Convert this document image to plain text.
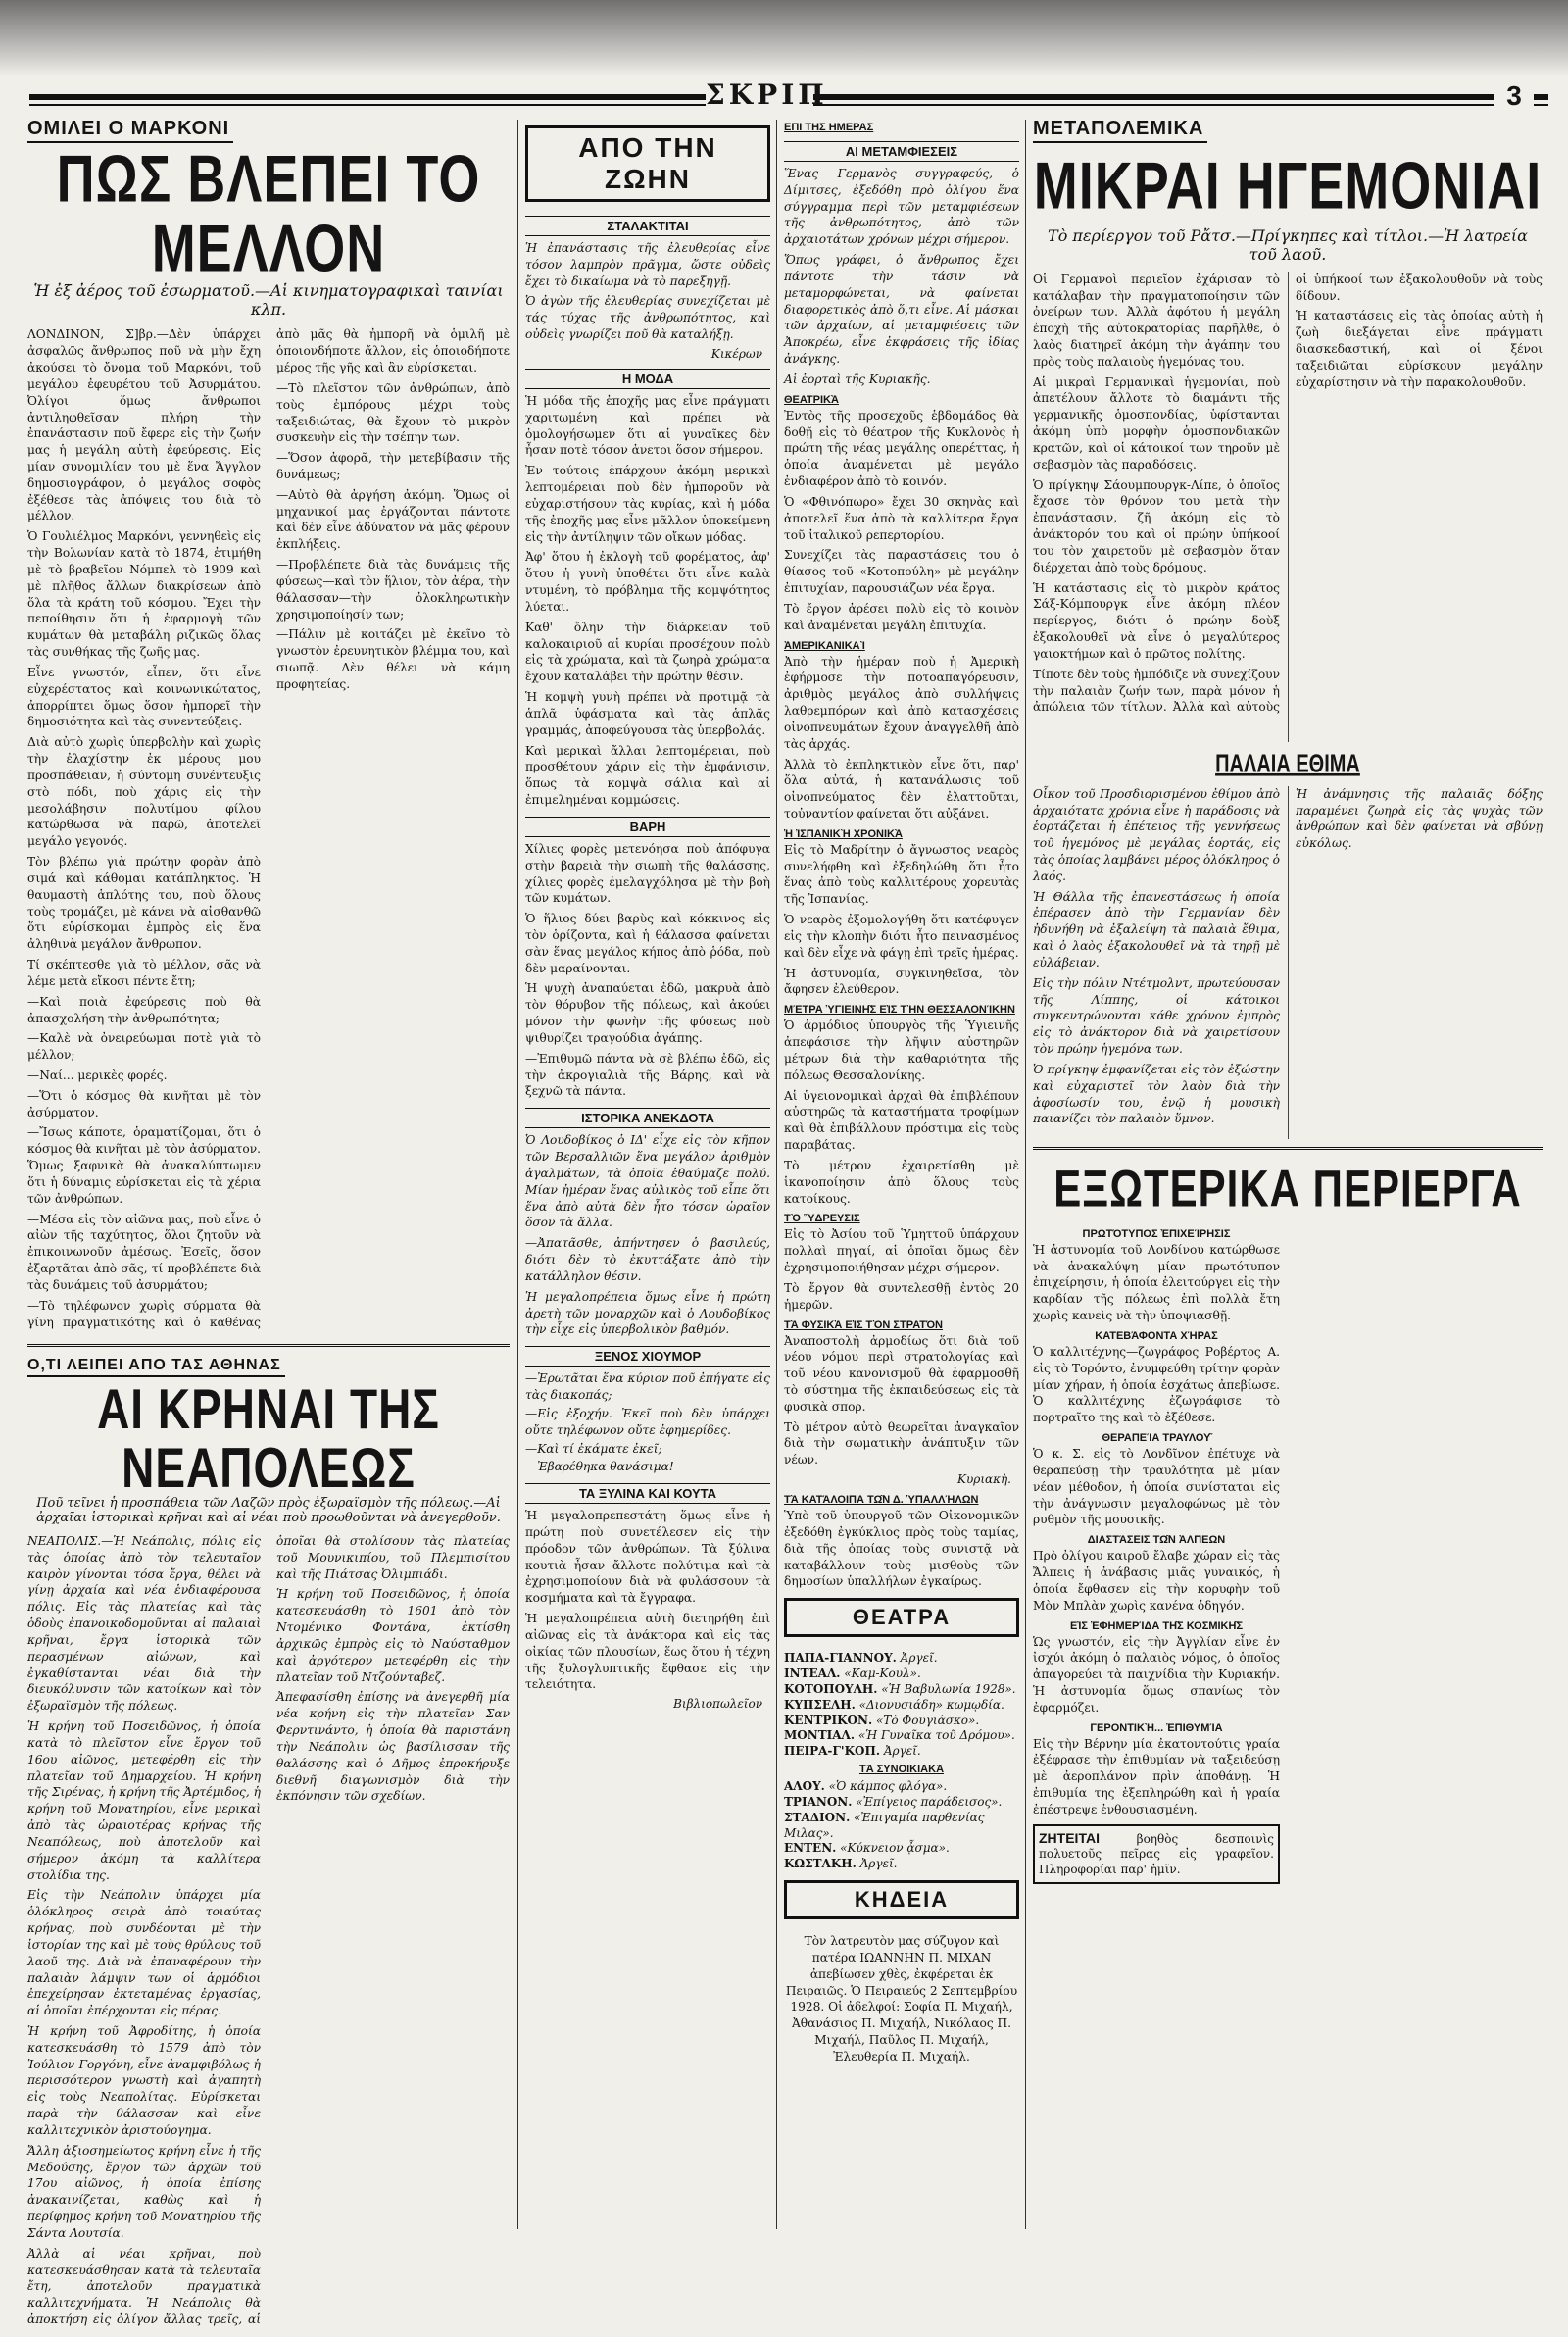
ΣΚΡΙΠ	3
ΟΜΙΛΕΙ Ο ΜΑΡΚΟΝΙ
ΠΩΣ ΒΛΕΠΕΙ ΤΟ ΜΕΛΛΟΝ
Ἡ ἐξ ἀέρος τοῦ ἐσωρματοῦ.—Αἱ κινηματογραφικαὶ ταινίαι κλπ.

ΛΟΝΔΙΝΟΝ, Σ]βρ.—Δὲν ὑπάρχει ἀσφαλῶς ἄνθρωπος ποῦ νὰ μὴν ἔχη ἀκούσει τὸ ὄνομα τοῦ Μαρκόνι, τοῦ μεγάλου ἐφευρέτου τοῦ Ἀσυρμάτου. Ὀλίγοι ὅμως ἄνθρωποι ἀντιληφθεῖσαν πλήρη τὴν ἐπανάστασιν ποῦ ἔφερε εἰς τὴν ζωήν μας ἡ μεγάλη αὐτὴ ἐφεύρεσις. Εἰς μίαν συνομιλίαν του μὲ ἕνα Ἄγγλον δημοσιογράφον, ὁ μεγάλος σοφὸς ἐξέθεσε τὰς ἀπόψεις του διὰ τὸ μέλλον.

Ὁ Γουλιέλμος Μαρκόνι, γεννηθεὶς εἰς τὴν Βολωνίαν κατὰ τὸ 1874, ἐτιμήθη μὲ τὸ βραβεῖον Νόμπελ τὸ 1909 καὶ μὲ πλῆθος ἄλλων διακρίσεων ἀπὸ ὅλα τὰ κράτη τοῦ κόσμου. Ἔχει τὴν πεποίθησιν ὅτι ἡ ἐφαρμογὴ τῶν κυμάτων θὰ μεταβάλη ριζικῶς ὅλας τὰς συνθήκας τῆς ζωῆς μας.

Εἶνε γνωστόν, εἶπεν, ὅτι εἶνε εὐχερέστατος καὶ κοινωνικώτατος, ἀπορρίπτει ὅμως ὅσον ἠμπορεῖ τὴν δημοσιότητα καὶ τὰς συνεντεύξεις.

Διὰ αὐτὸ χωρὶς ὑπερβολὴν καὶ χωρὶς τὴν ἐλαχίστην ἐκ μέρους μου προσπάθειαν, ἡ σύντομη συνέντευξις στὸ πόδι, ποὺ χάρις εἰς τὴν μεσολάβησιν πολυτίμου φίλου κατώρθωσα νὰ παρῶ, ἀποτελεῖ μεγάλο γεγονός.

Τὸν βλέπω γιὰ πρώτην φορὰν ἀπὸ σιμά καὶ κάθομαι κατάπληκτος. Ἡ θαυμαστὴ ἁπλότης του, ποὺ ὅλους τοὺς τρομάζει, μὲ κάνει νὰ αἰσθανθῶ ὅτι εὑρίσκομαι ἐμπρὸς εἰς ἕνα ἀληθινὰ μεγάλον ἄνθρωπον.

Τί σκέπτεσθε γιὰ τὸ μέλλον, σᾶς νὰ λέμε μετὰ εἴκοσι πέντε ἔτη;

—Καὶ ποιὰ ἐφεύρεσις ποὺ θὰ ἀπασχολήση τὴν ἀνθρωπότητα;

—Καλὲ νὰ ὀνειρεύωμαι ποτὲ γιὰ τὸ μέλλον;

—Ναί... μερικὲς φορές.

—Ὅτι ὁ κόσμος θὰ κινῆται μὲ τὸν ἀσύρματον.

—Ἴσως κάποτε, ὁραματίζομαι, ὅτι ὁ κόσμος θὰ κινῆται μὲ τὸν ἀσύρματον. Ὅμως ξαφνικὰ θὰ ἀνακαλύπτωμεν ὅτι ἡ δύναμις εὑρίσκεται εἰς τὰ χέρια τῶν ἀνθρώπων.

—Μέσα εἰς τὸν αἰῶνα μας, ποὺ εἶνε ὁ αἰὼν τῆς ταχύτητος, ὅλοι ζητοῦν νὰ ἐπικοινωνοῦν ἀμέσως. Ἐσεῖς, ὅσον ἐξαρτᾶται ἀπὸ σᾶς, τί προβλέπετε διὰ τὰς δυνάμεις τοῦ ἀσυρμάτου;

—Τὸ τηλέφωνον χωρὶς σύρματα θὰ γίνη πραγματικότης καὶ ὁ καθένας ἀπὸ μᾶς θὰ ἠμπορῆ νὰ ὁμιλῆ μὲ ὁποιονδήποτε ἄλλον, εἰς ὁποιοδήποτε μέρος τῆς γῆς καὶ ἂν εὑρίσκεται.

—Τὸ πλεῖστον τῶν ἀνθρώπων, ἀπὸ τοὺς ἐμπόρους μέχρι τοὺς ταξειδιώτας, θὰ ἔχουν τὸ μικρὸν συσκευὴν εἰς τὴν τσέπην των.

—Ὅσον ἀφορᾶ, τὴν μετεβίβασιν τῆς δυνάμεως;

—Αὐτὸ θὰ ἀργήση ἀκόμη. Ὅμως οἱ μηχανικοί μας ἐργάζονται πάντοτε καὶ δὲν εἶνε ἀδύνατον νὰ μᾶς φέρουν ἐκπλήξεις.

—Προβλέπετε διὰ τὰς δυνάμεις τῆς φύσεως—καὶ τὸν ἥλιον, τὸν ἀέρα, τὴν θάλασσαν—τὴν ὁλοκληρωτικὴν χρησιμοποίησίν των;

—Πάλιν μὲ κοιτάζει μὲ ἐκεῖνο τὸ γνωστὸν ἐρευνητικὸν βλέμμα του, καὶ σιωπᾷ. Δὲν θέλει νὰ κάμη προφητείας.

Ο,ΤΙ ΛΕΙΠΕΙ ΑΠΟ ΤΑΣ ΑΘΗΝΑΣ
ΑΙ ΚΡΗΝΑΙ ΤΗΣ ΝΕΑΠΟΛΕΩΣ
Ποῦ τεῖνει ἡ προσπάθεια τῶν Λαζῶν πρὸς ἐξωραϊσμὸν τῆς πόλεως.—Αἱ ἀρχαῖαι ἱστορικαὶ κρῆναι καὶ αἱ νέαι ποὺ προωθοῦνται νὰ ἀνεγερθοῦν.

ΝΕΑΠΟΛΙΣ.—Ἡ Νεάπολις, πόλις εἰς τὰς ὁποίας ἀπὸ τὸν τελευταῖον καιρὸν γίνονται τόσα ἔργα, θέλει νὰ γίνῃ ἀρχαία καὶ νέα ἑνδιαφέρουσα πόλις. Εἰς τὰς πλατείας καὶ τὰς ὁδοὺς ἐπανοικοδομοῦνται αἱ παλαιαὶ κρῆναι, ἔργα ἱστορικὰ τῶν περασμένων αἰώνων, καὶ ἐγκαθίστανται νέαι διὰ τὴν διευκόλυνσιν τῶν κατοίκων καὶ τὸν ἐξωραϊσμὸν τῆς πόλεως.

Ἡ κρήνη τοῦ Ποσειδῶνος, ἡ ὁποία κατὰ τὸ πλεῖστον εἶνε ἔργον τοῦ 16ου αἰῶνος, μετεφέρθη εἰς τὴν πλατεῖαν τοῦ Δημαρχείου. Ἡ κρήνη τῆς Σιρένας, ἡ κρήνη τῆς Ἀρτέμιδος, ἡ κρήνη τοῦ Μονατηρίου, εἶνε μερικαὶ ἀπὸ τὰς ὡραιοτέρας κρήνας τῆς Νεαπόλεως, ποὺ ἀποτελοῦν καὶ σήμερον ἀκόμη τὰ καλλίτερα στολίδια της.

Εἰς τὴν Νεάπολιν ὑπάρχει μία ὁλόκληρος σειρὰ ἀπὸ τοιαύτας κρήνας, ποὺ συνδέονται μὲ τὴν ἱστορίαν της καὶ μὲ τοὺς θρύλους τοῦ λαοῦ της. Διὰ νὰ ἐπαναφέρουν τὴν παλαιὰν λάμψιν των οἱ ἁρμόδιοι ἐπεχείρησαν ἐκτεταμένας ἐργασίας, αἱ ὁποῖαι ἐπέρχονται εἰς πέρας.

Ἡ κρήνη τοῦ Ἀφροδίτης, ἡ ὁποία κατεσκευάσθη τὸ 1579 ἀπὸ τὸν Ἰούλιον Γοργόνη, εἶνε ἀναμφιβόλως ἡ περισσότερον γνωστὴ καὶ ἀγαπητὴ εἰς τοὺς Νεαπολίτας. Εὑρίσκεται παρὰ τὴν θάλασσαν καὶ εἶνε καλλιτεχνικὸν ἀριστούργημα.

Ἄλλη ἀξιοσημείωτος κρήνη εἶνε ἡ τῆς Μεδούσης, ἔργον τῶν ἀρχῶν τοῦ 17ου αἰῶνος, ἡ ὁποία ἐπίσης ἀνακαινίζεται, καθὼς καὶ ἡ περίφημος κρήνη τοῦ Μονατηρίου τῆς Σάντα Λουτσία.

Ἀλλὰ αἱ νέαι κρῆναι, ποὺ κατεσκευάσθησαν κατὰ τὰ τελευταῖα ἔτη, ἀποτελοῦν πραγματικὰ καλλιτεχνήματα. Ἡ Νεάπολις θὰ ἀποκτήση εἰς ὀλίγον ἄλλας τρεῖς, αἱ ὁποῖαι θὰ στολίσουν τὰς πλατείας τοῦ Μουνικιπίου, τοῦ Πλεμπισίτου καὶ τῆς Πιάτσας Ὀλιμπιάδι.

Ἡ κρήνη τοῦ Ποσειδῶνος, ἡ ὁποία κατεσκευάσθη τὸ 1601 ἀπὸ τὸν Ντομένικο Φοντάνα, ἐκτίσθη ἀρχικῶς ἐμπρὸς εἰς τὸ Ναύσταθμον καὶ ἀργότερον μετεφέρθη εἰς τὴν πλατεῖαν τοῦ Ντζούνταβεζ.

Ἀπεφασίσθη ἐπίσης νὰ ἀνεγερθῆ μία νέα κρήνη εἰς τὴν πλατεῖαν Σαν Φερντινάντο, ἡ ὁποία θὰ παριστάνη τὴν Νεάπολιν ὡς βασίλισσαν τῆς θαλάσσης καὶ ὁ Δῆμος ἐπροκήρυξε διεθνῆ διαγωνισμὸν διὰ τὴν ἐκπόνησιν τῶν σχεδίων.

ΑΠΟ ΤΗΝ ΖΩΗΝ
ΣΤΑΛΑΚΤΙΤΑΙ

Ἡ ἐπανάστασις τῆς ἐλευθερίας εἶνε τόσον λαμπρὸν πρᾶγμα, ὥστε οὐδεὶς ἔχει τὸ δικαίωμα νὰ τὸ παρεξηγῇ.

Ὁ ἀγὼν τῆς ἐλευθερίας συνεχίζεται μὲ τάς τύχας τῆς ἀνθρωπότητος, καὶ οὐδεὶς γνωρίζει ποῦ θὰ καταλήξῃ.

Κικέρων

Η ΜΟΔΑ

Ἡ μόδα τῆς ἐποχῆς μας εἶνε πράγματι χαριτωμένη καὶ πρέπει νὰ ὁμολογήσωμεν ὅτι αἱ γυναῖκες δὲν ἦσαν ποτὲ τόσον ἀνετοι ὅσον σήμερον.

Ἐν τούτοις ἐπάρχουν ἀκόμη μερικαὶ λεπτομέρειαι ποὺ δὲν ἠμποροῦν νὰ εὐχαριστήσουν τὰς κυρίας, καὶ ἡ μόδα τῆς ἐποχῆς μας εἶνε μᾶλλον ὑποκείμενη εἰς τὴν ἀντίληψιν τῶν οἴκων μόδας.

Ἀφ' ὅτου ἡ ἐκλογὴ τοῦ φορέματος, ἀφ' ὅτου ἡ γυνὴ ὑποθέτει ὅτι εἶνε καλὰ ντυμένη, τὸ πρόβλημα τῆς κομψότητος λύεται.

Καθ' ὅλην τὴν διάρκειαν τοῦ καλοκαιριοῦ αἱ κυρίαι προσέχουν πολὺ εἰς τὰ χρώματα, καὶ τὰ ζωηρὰ χρώματα ἔχουν καταλάβει τὴν πρώτην θέσιν.

Ἡ κομψὴ γυνὴ πρέπει νὰ προτιμᾷ τὰ ἁπλᾶ ὑφάσματα καὶ τὰς ἁπλᾶς γραμμάς, ἀποφεύγουσα τὰς ὑπερβολάς.

Καὶ μερικαὶ ἄλλαι λεπτομέρειαι, ποὺ προσθέτουν χάριν εἰς τὴν ἐμφάνισιν, ὅπως τὰ κομψὰ σάλια καὶ αἱ ἐπιμελημέναι κομμώσεις.

ΒΑΡΗ

Χίλιες φορὲς μετενόησα ποὺ ἀπόφυγα στὴν βαρειὰ τὴν σιωπὴ τῆς θαλάσσης, χίλιες φορὲς ἐμελαγχόλησα μὲ τὴν βοὴ τῶν κυμάτων.

Ὁ ἥλιος δύει βαρὺς καὶ κόκκινος εἰς τὸν ὁρίζοντα, καὶ ἡ θάλασσα φαίνεται σὰν ἕνας μεγάλος κήπος ἀπὸ ῥόδα, ποὺ δὲν μαραίνονται.

Ἡ ψυχὴ ἀναπαύεται ἐδῶ, μακρυὰ ἀπὸ τὸν θόρυβον τῆς πόλεως, καὶ ἀκούει μόνον τὴν φωνὴν τῆς φύσεως ποὺ ψιθυρίζει τραγούδια ἀγάπης.

—Ἐπιθυμῶ πάντα νὰ σὲ βλέπω ἐδῶ, εἰς τὴν ἀκρογιαλιὰ τῆς Βάρης, καὶ νὰ ξεχνῶ τὰ πάντα.

ΙΣΤΟΡΙΚΑ ΑΝΕΚΔΟΤΑ

Ὁ Λουδοβίκος ὁ ΙΔ' εἶχε εἰς τὸν κῆπον τῶν Βερσαλλιῶν ἕνα μεγάλον ἀριθμὸν ἀγαλμάτων, τὰ ὁποῖα ἐθαύμαζε πολύ. Μίαν ἡμέραν ἕνας αὐλικὸς τοῦ εἶπε ὅτι ἕνα ἀπὸ αὐτὰ δὲν ἦτο τόσον ὡραῖον ὅσον τὰ ἄλλα.

—Ἀπατᾶσθε, ἀπήντησεν ὁ βασιλεύς, διότι δὲν τὸ ἐκυττάξατε ἀπὸ τὴν κατάλληλον θέσιν.

Ἡ μεγαλοπρέπεια ὅμως εἶνε ἡ πρώτη ἀρετὴ τῶν μοναρχῶν καὶ ὁ Λουδοβίκος τὴν εἶχε εἰς ὑπερβολικὸν βαθμόν.

ΞΕΝΟΣ ΧΙΟΥΜΟΡ

—Ἐρωτᾶται ἕνα κύριον ποῦ ἐπήγατε εἰς τὰς διακοπάς;

—Εἰς ἐξοχήν. Ἐκεῖ ποὺ δὲν ὑπάρχει οὔτε τηλέφωνον οὔτε ἐφημερίδες.

—Καὶ τί ἐκάματε ἐκεῖ;

—Ἐβαρέθηκα θανάσιμα!

ΤΑ ΞΥΛΙΝΑ ΚΑΙ ΚΟΥΤΑ

Ἡ μεγαλοπρεπεστάτη ὅμως εἶνε ἡ πρώτη ποὺ συνετέλεσεν εἰς τὴν πρόοδον τῶν ἀνθρώπων. Τὰ ξύλινα κουτιὰ ἦσαν ἄλλοτε πολύτιμα καὶ τὰ ἐχρησιμοποίουν διὰ νὰ φυλάσσουν τὰ κοσμήματα καὶ τὰ ἔγγραφα.

Ἡ μεγαλοπρέπεια αὐτὴ διετηρήθη ἐπὶ αἰῶνας εἰς τὰ ἀνάκτορα καὶ εἰς τὰς οἰκίας τῶν πλουσίων, ἕως ὅτου ἡ τέχνη τῆς ξυλογλυπτικῆς ἔφθασε εἰς τὴν τελειότητα.

Βιβλιοπωλεῖον

ΕΠΙ ΤΗΣ ΗΜΕΡΑΣ
ΑΙ ΜΕΤΑΜΦΙΕΣΕΙΣ

Ἕνας Γερμανὸς συγγραφεύς, ὁ Δίμιτσες, ἐξεδόθη πρὸ ὀλίγου ἕνα σύγγραμμα περὶ τῶν μεταμφιέσεων τῆς ἀνθρωπότητος, ἀπὸ τῶν ἀρχαιοτάτων χρόνων μέχρι σήμερον.

Ὅπως γράφει, ὁ ἄνθρωπος ἔχει πάντοτε τὴν τάσιν νὰ μεταμορφώνεται, νὰ φαίνεται διαφορετικὸς ἀπὸ ὅ,τι εἶνε. Αἱ μάσκαι τῶν ἀρχαίων, αἱ μεταμφιέσεις τῶν Ἀποκρέω, εἶνε ἐκφράσεις τῆς ἰδίας ἀνάγκης.

Αἱ ἑορταὶ τῆς Κυριακῆς.

ΘΕΑΤΡΙΚᾺ

Ἐντὸς τῆς προσεχοῦς ἑβδομάδος θὰ δοθῇ εἰς τὸ θέατρον τῆς Κυκλονὸς ἡ πρώτη τῆς νέας μεγάλης οπερέττας, ἡ ὁποία ἀναμένεται μὲ μεγάλο ἐνδιαφέρον ἀπὸ τὸ κοινόν.

Ὁ «Φθινόπωρο» ἔχει 30 σκηνὰς καὶ ἀποτελεῖ ἕνα ἀπὸ τὰ καλλίτερα ἔργα τοῦ ἰταλικοῦ ρεπερτορίου.

Συνεχίζει τὰς παραστάσεις του ὁ θίασος τοῦ «Κοτοπούλη» μὲ μεγάλην ἐπιτυχίαν, παρουσιάζων νέα ἔργα.

Τὸ ἔργον ἀρέσει πολὺ εἰς τὸ κοινὸν καὶ ἀναμένεται μεγάλη ἐπιτυχία.

ἈΜΕΡΙΚΑΝΙΚΑῚ

Ἀπὸ τὴν ἡμέραν ποὺ ἡ Ἀμερικὴ ἐφήρμοσε τὴν ποτοαπαγόρευσιν, ἀριθμὸς μεγάλος ἀπὸ συλλήψεις λαθρεμπόρων καὶ ἀπὸ κατασχέσεις οἰνοπνευμάτων ἔχουν ἀναγγελθῆ ἀπὸ τὰς ἀρχάς.

Ἀλλὰ τὸ ἐκπληκτικὸν εἶνε ὅτι, παρ' ὅλα αὐτά, ἡ κατανάλωσις τοῦ οἰνοπνεύματος δὲν ἐλαττοῦται, τοὐναντίον φαίνεται ὅτι αὐξάνει.

Ἡ ἸΣΠΑΝΙΚῊ ΧΡΟΝΙΚᾺ

Εἰς τὸ Μαδρίτην ὁ ἄγνωστος νεαρὸς συνελήφθη καὶ ἐξεδηλώθη ὅτι ἦτο ἕνας ἀπὸ τοὺς καλλιτέρους χορευτὰς τῆς Ἰσπανίας.

Ὁ νεαρὸς ἐξομολογήθη ὅτι κατέφυγεν εἰς τὴν κλοπὴν διότι ἦτο πεινασμένος καὶ δὲν εἶχε νὰ φάγῃ ἐπὶ τρεῖς ἡμέρας.

Ἡ ἀστυνομία, συγκινηθεῖσα, τὸν ἄφησεν ἐλεύθερον.

ΜΈΤΡΑ ὙΓΙΕΙΝΗ͂Σ ΕἸΣ ΤῊΝ ΘΕΣΣΑΛΟΝΊΚΗΝ

Ὁ ἀρμόδιος ὑπουργὸς τῆς Ὑγιεινῆς ἀπεφάσισε τὴν λῆψιν αὐστηρῶν μέτρων διὰ τὴν καθαριότητα τῆς πόλεως Θεσσαλονίκης.

Αἱ ὑγειονομικαὶ ἀρχαὶ θὰ ἐπιβλέπουν αὐστηρῶς τὰ καταστήματα τροφίμων καὶ θὰ ἐπιβάλλουν πρόστιμα εἰς τοὺς παραβάτας.

Τὸ μέτρον ἐχαιρετίσθη μὲ ἱκανοποίησιν ἀπὸ ὅλους τοὺς κατοίκους.

ΤῸ ὝΔΡΕΥΣΙΣ

Εἰς τὸ Ἀσίου τοῦ Ὑμηττοῦ ὑπάρχουν πολλαὶ πηγαί, αἱ ὁποῖαι ὅμως δὲν ἐχρησιμοποιήθησαν μέχρι σήμερον.

Τὸ ἔργον θὰ συντελεσθῇ ἐντὸς 20 ἡμερῶν.

ΤᾺ ΦΥΣΙΚᾺ ΕἸΣ ΤῸΝ ΣΤΡΑΤΌΝ

Ἀναποστολὴ ἀρμοδίως ὅτι διὰ τοῦ νέου νόμου περὶ στρατολογίας καὶ τοῦ νέου κανονισμοῦ θὰ ἐφαρμοσθῆ τὸ σύστημα τῆς ἐκπαιδεύσεως εἰς τὰ φυσικὰ σπορ.

Τὸ μέτρον αὐτὸ θεωρεῖται ἀναγκαῖον διὰ τὴν σωματικὴν ἀνάπτυξιν τῶν νέων.

Κυριακὴ.

ΤᾺ ΚΑΤΆΛΟΙΠΑ ΤΩ͂Ν Δ. ὙΠΑΛΛΉΛΩΝ

Ὑπὸ τοῦ ὑπουργοῦ τῶν Οἰκονομικῶν ἐξεδόθη ἐγκύκλιος πρὸς τοὺς ταμίας, διὰ τῆς ὁποίας τοὺς συνιστᾷ νὰ καταβάλλουν τοὺς μισθοὺς τῶν δημοσίων ὑπαλλήλων ἐγκαίρως.

ΘΕΑΤΡΑ
ΠΑΠΑ-ΓΙΑΝΝΟΥ. Ἀργεῖ.
ΙΝΤΕΑΛ. «Καμ-Κουλ».
ΚΟΤΟΠΟΥΛΗ. «Ἡ Βαβυλωνία 1928».
ΚΥΠΣΕΛΗ. «Διονυσιάδη» κωμῳδία.
ΚΕΝΤΡΙΚΟΝ. «Τὸ Φουγιάσκο».
ΜΟΝΤΙΑΛ. «Ἡ Γυναῖκα τοῦ Δρόμου».
ΠΕΙΡΑ-Γ'ΚΟΠ. Ἀργεῖ.
ΤᾺ ΣΥΝΟΙΚΙΑΚᾺ
ΑΛΟΥ. «Ὁ κάμπος φλόγα».
ΤΡΙΑΝΟΝ. «Ἐπίγειος παράδεισος».
ΣΤΑΔΙΟΝ. «Ἐπιγαμία παρθενίας Μιλας».
ΕΝΤΕΝ. «Κύκνειον ᾆσμα».
ΚΩΣΤΑΚΗ. Ἀργεῖ.
ΚΗΔΕΙΑ
Τὸν λατρευτὸν μας σύζυγον καὶ πατέρα ΙΩΑΝΝΗΝ Π. ΜΙΧΑΝ ἀπεβίωσεν χθὲς, ἐκφέρεται ἐκ Πειραιῶς. Ὁ Πειραιεύς 2 Σεπτεμβρίου 1928. Οἱ ἀδελφοί: Σοφία Π. Μιχαήλ, Ἀθανάσιος Π. Μιχαήλ, Νικόλαος Π. Μιχαήλ, Παῦλος Π. Μιχαήλ, Ἐλευθερία Π. Μιχαήλ.
ΜΕΤΑΠΟΛΕΜΙΚΑ
ΜΙΚΡΑΙ ΗΓΕΜΟΝΙΑΙ
Τὸ περίεργον τοῦ Ρἄτσ.—Πρίγκηπες καὶ τίτλοι.—Ἡ λατρεία τοῦ λαοῦ.

Οἱ Γερμανοὶ περιεῖον ἐχάρισαν τὸ κατάλαβαν τὴν πραγματοποίησιν τῶν ὀνείρων των. Ἀλλὰ ἀφότου ἡ μεγάλη ἐποχὴ τῆς αὐτοκρατορίας παρῆλθε, ὁ λαὸς διατηρεῖ ἀκόμη τὴν ἀγάπην του πρὸς τοὺς παλαιοὺς ἡγεμόνας του.

Αἱ μικραὶ Γερμανικαὶ ἡγεμονίαι, ποὺ ἀπετέλουν ἄλλοτε τὸ διαμάντι τῆς γερμανικῆς ὁμοσπονδίας, ὑφίστανται ἀκόμη ὑπὸ μορφὴν ὁμοσπονδιακῶν κρατῶν, καὶ οἱ κάτοικοί των τηροῦν μὲ σεβασμὸν τὰς παραδόσεις.

Ὁ πρίγκηψ Σάουμπουργκ-Λίπε, ὁ ὁποῖος ἔχασε τὸν θρόνον του μετὰ τὴν ἐπανάστασιν, ζῆ ἀκόμη εἰς τὸ ἀνάκτορόν του καὶ οἱ πρώην ὑπήκοοί του τὸν χαιρετοῦν μὲ σεβασμὸν ὅταν διέρχεται ἀπὸ τοὺς δρόμους.

Ἡ κατάστασις εἰς τὸ μικρὸν κράτος Σάξ-Κόμπουργκ εἶνε ἀκόμη πλέον περίεργος, διότι ὁ πρώην δοὺξ ἐξακολουθεῖ νὰ εἶνε ὁ μεγαλύτερος γαιοκτήμων καὶ ὁ πρῶτος πολίτης.

Τίποτε δὲν τοὺς ἠμπόδιζε νὰ συνεχίζουν τὴν παλαιὰν ζωήν των, παρὰ μόνον ἡ ἀπώλεια τῶν τίτλων. Ἀλλὰ καὶ αὐτοὺς οἱ ὑπήκοοί των ἐξακολουθοῦν νὰ τοὺς δίδουν.

Ἡ καταστάσεις εἰς τὰς ὁποίας αὐτὴ ἡ ζωὴ διεξάγεται εἶνε πράγματι διασκεδαστική, καὶ οἱ ξένοι ταξειδιῶται εὑρίσκουν μεγάλην εὐχαρίστησιν νὰ τὴν παρακολουθοῦν.

ΠΑΛΑΙΑ ΕΘΙΜΑ

Οἶκον τοῦ Προσδιορισμένου ἐθίμου ἀπὸ ἀρχαιότατα χρόνια εἶνε ἡ παράδοσις νὰ ἑορτάζεται ἡ ἐπέτειος τῆς γεννήσεως τοῦ ἡγεμόνος μὲ μεγάλας ἑορτάς, εἰς τὰς ὁποίας λαμβάνει μέρος ὁλόκληρος ὁ λαός.

Ἡ Θάλλα τῆς ἐπανεστάσεως ἡ ὁποία ἐπέρασεν ἀπὸ τὴν Γερμανίαν δὲν ἠδυνήθη νὰ ἐξαλείψη τὰ παλαιὰ ἔθιμα, καὶ ὁ λαὸς ἐξακολουθεῖ νὰ τὰ τηρῇ μὲ εὐλάβειαν.

Εἰς τὴν πόλιν Ντέτμολντ, πρωτεύουσαν τῆς Λίππης, οἱ κάτοικοι συγκεντρώνονται κάθε χρόνον ἐμπρὸς εἰς τὸ ἀνάκτορον διὰ νὰ χαιρετίσουν τὸν πρώην ἡγεμόνα των.

Ὁ πρίγκηψ ἐμφανίζεται εἰς τὸν ἐξώστην καὶ εὐχαριστεῖ τὸν λαὸν διὰ τὴν ἀφοσίωσίν του, ἐνῷ ἡ μουσικὴ παιανίζει τὸν παλαιὸν ὕμνον.

Ἡ ἀνάμνησις τῆς παλαιᾶς δόξης παραμένει ζωηρὰ εἰς τὰς ψυχὰς τῶν ἀνθρώπων καὶ δὲν φαίνεται νὰ σβύνῃ εὐκόλως.

ΕΞΩΤΕΡΙΚΑ ΠΕΡΙΕΡΓΑ
ΠΡΩΤΌΤΥΠΟΣ ἘΠΙΧΕΊΡΗΣΙΣ

Ἡ ἀστυνομία τοῦ Λονδίνου κατώρθωσε νὰ ἀνακαλύψη μίαν πρωτότυπον ἐπιχείρησιν, ἡ ὁποία ἐλειτούργει εἰς τὴν καρδίαν τῆς πόλεως ἐπὶ πολλὰ ἔτη χωρὶς κανεὶς νὰ τὴν ὑποψιασθῇ.

ΚΑΤΕΒΆΦΟΝΤΑ ΧΉΡΑΣ

Ὁ καλλιτέχνης—ζωγράφος Ροβέρτος Α. εἰς τὸ Τορόντο, ἐνυμφεύθη τρίτην φορὰν μίαν χήραν, ἡ ὁποία ἐσχάτως ἀπεβίωσε. Ὁ καλλιτέχνης ἐζωγράφισε τὸ πορτραῖτο της καὶ τὸ ἐξέθεσε.

ΘΕΡΑΠΕΊΑ ΤΡΑΥΛΟΥ͂

Ὁ κ. Σ. εἰς τὸ Λονδῖνον ἐπέτυχε νὰ θεραπεύσῃ τὴν τραυλότητα μὲ μίαν νέαν μέθοδον, ἡ ὁποία συνίσταται εἰς τὴν ἀνάγνωσιν μεγαλοφώνως μὲ τὸν ρυθμὸν τῆς μουσικῆς.

ΔΙΑΣΤΆΣΕΙΣ ΤΩ͂Ν ἈΛΠΕΩΝ

Πρὸ ὀλίγου καιροῦ ἔλαβε χώραν εἰς τὰς Ἄλπεις ἡ ἀνάβασις μιᾶς γυναικός, ἡ ὁποία ἔφθασεν εἰς τὴν κορυφὴν τοῦ Μὸν Μπλὰν χωρὶς κανένα ὁδηγόν.

ΕἸΣ ἘΦΗΜΕΡΊΔΑ ΤΗ͂Σ ΚΟΣΜΙΚΗ͂Σ

Ὡς γνωστόν, εἰς τὴν Ἀγγλίαν εἶνε ἐν ἰσχύι ἀκόμη ὁ παλαιὸς νόμος, ὁ ὁποῖος ἀπαγορεύει τὰ παιχνίδια τὴν Κυριακήν. Ἡ ἀστυνομία ὅμως σπανίως τὸν ἐφαρμόζει.

ΓΕΡΟΝΤΙΚῊ... ἘΠΙΘΥΜΊΑ

Εἰς τὴν Βέρνην μία ἐκατοντούτις γραία ἐξέφρασε τὴν ἐπιθυμίαν νὰ ταξειδεύσῃ μὲ ἀεροπλάνον πρὶν ἀποθάνῃ. Ἡ ἐπιθυμία της ἐξεπληρώθη καὶ ἡ γραία ἐπέστρεψε ἐνθουσιασμένη.

ΖΗΤΕΙΤΑΙ	βοηθὸς δεσποινὶς πολυετοῦς πεῖρας εἰς γραφεῖον. Πληροφορίαι παρ' ἡμῖν.
